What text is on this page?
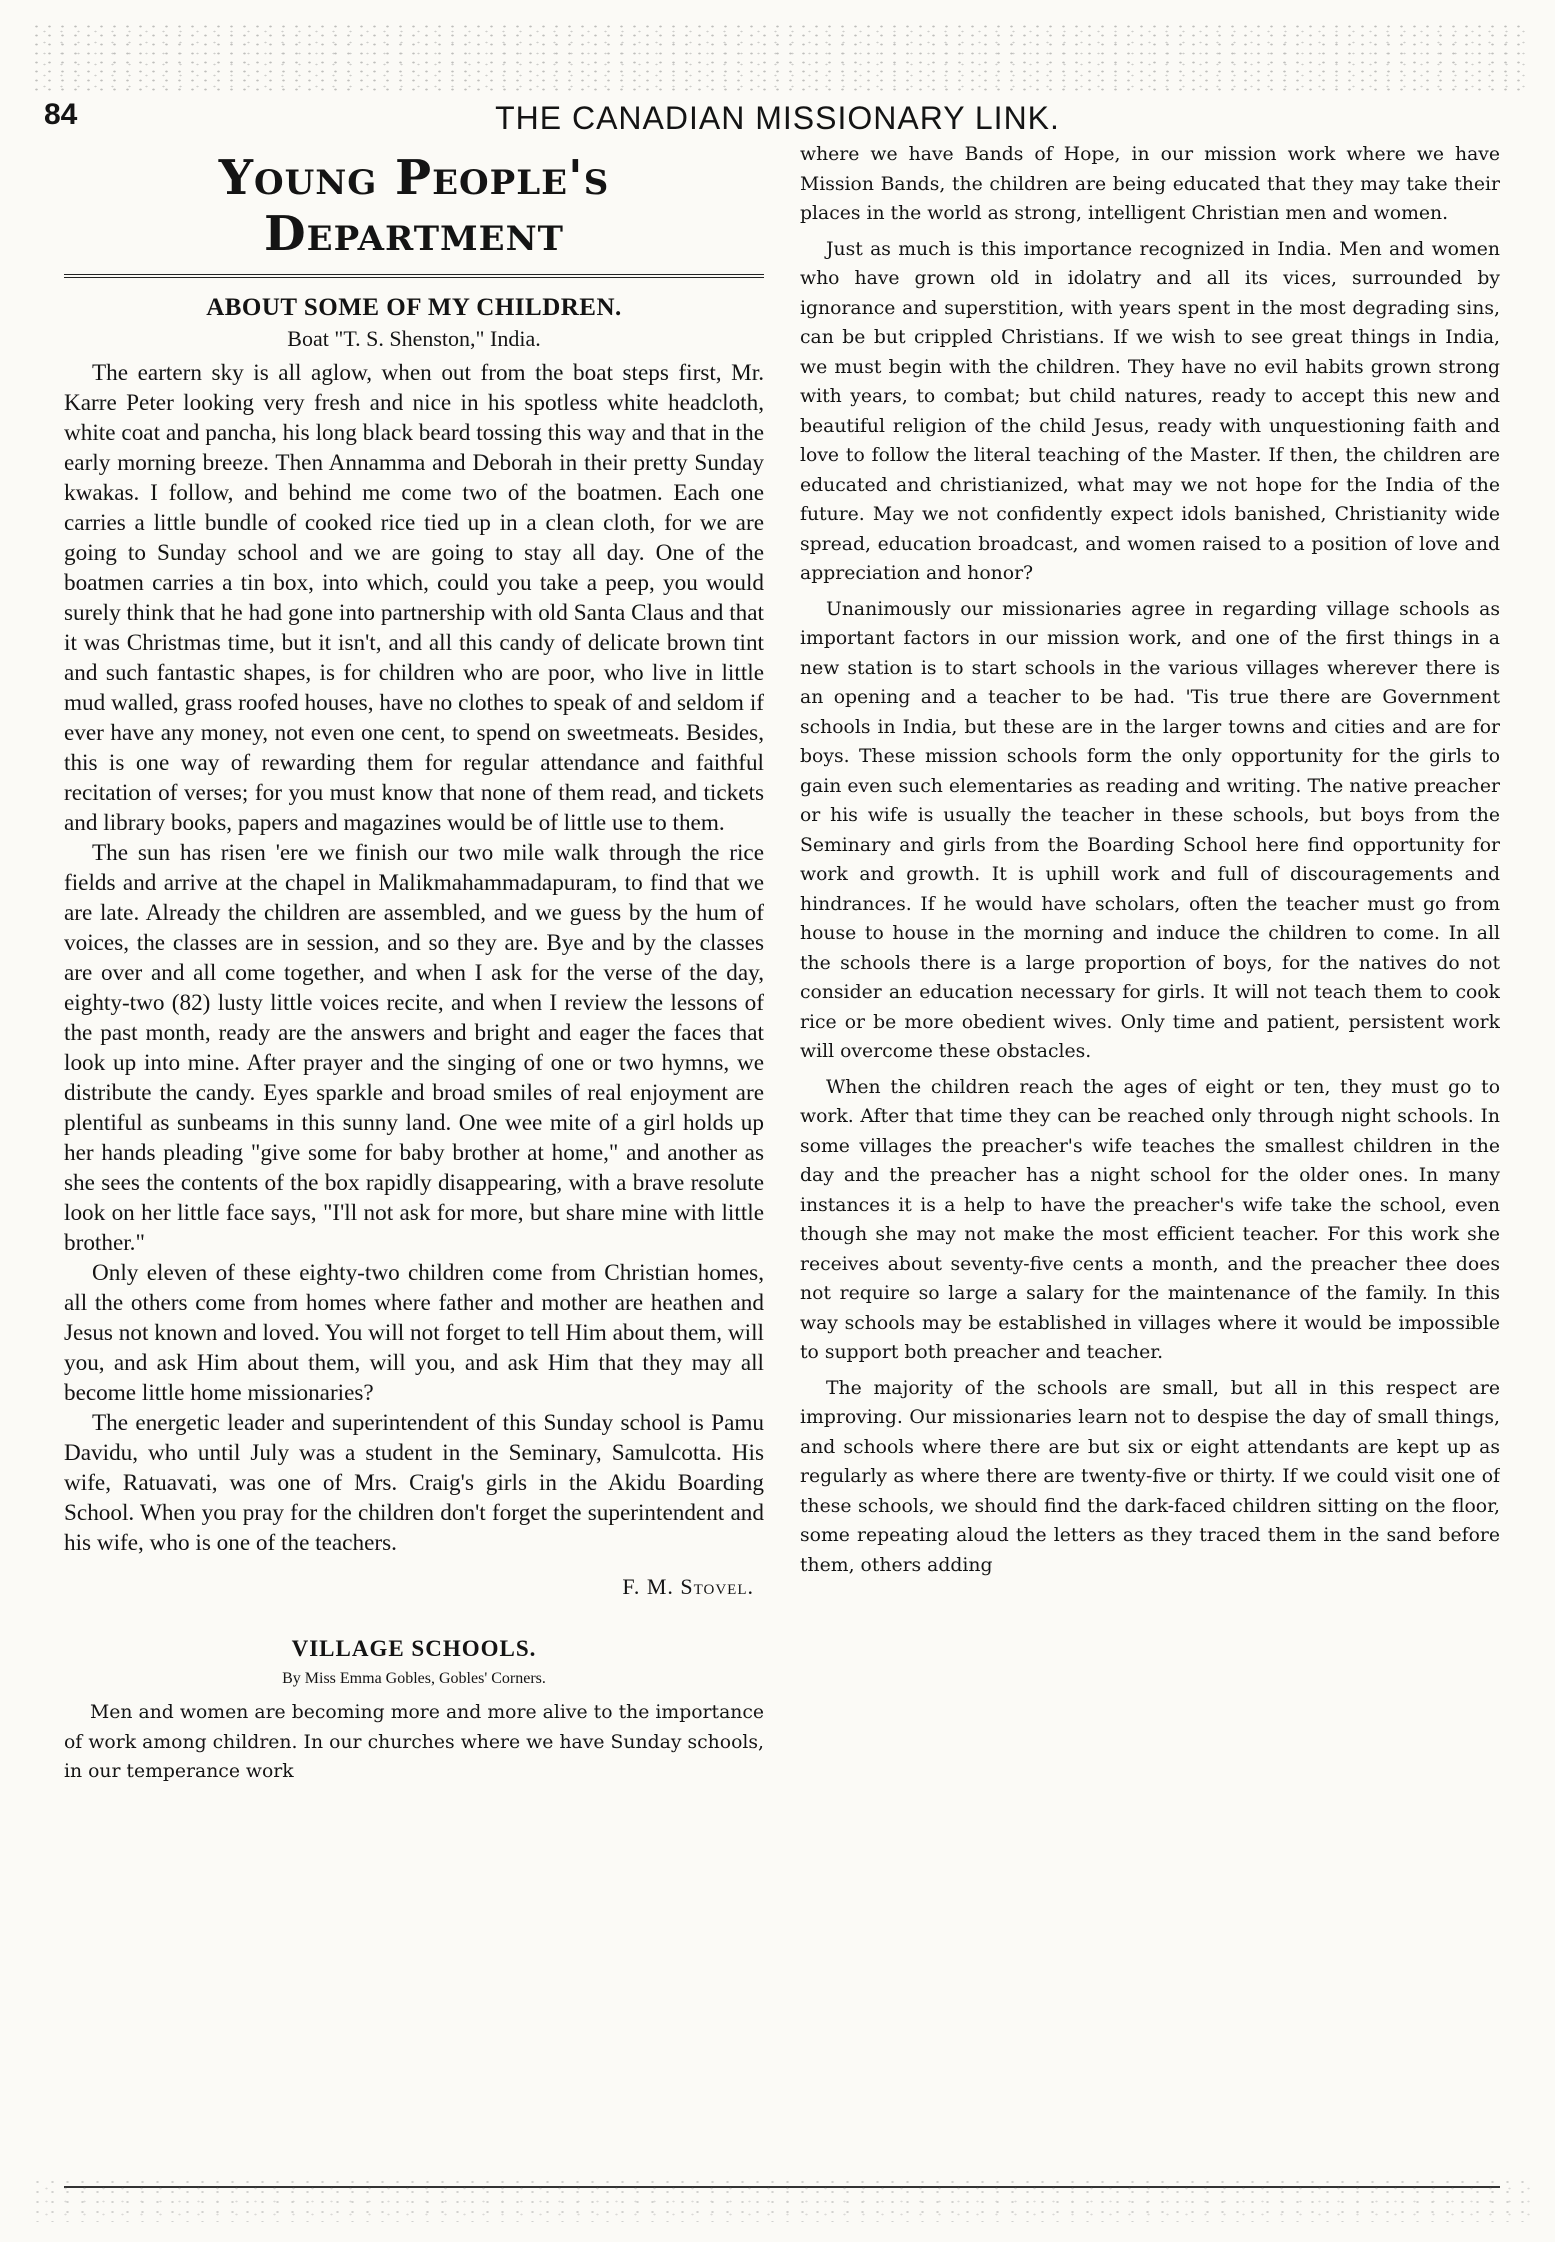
84	THE CANADIAN MISSIONARY LINK.
Young People's Department
ABOUT SOME OF MY CHILDREN.
Boat "T. S. Shenston," India.

The eartern sky is all aglow, when out from the boat steps first, Mr. Karre Peter looking very fresh and nice in his spotless white headcloth, white coat and pancha, his long black beard tossing this way and that in the early morning breeze. Then Annamma and Deborah in their pretty Sunday kwakas. I follow, and behind me come two of the boatmen. Each one carries a little bundle of cooked rice tied up in a clean cloth, for we are going to Sunday school and we are going to stay all day. One of the boatmen carries a tin box, into which, could you take a peep, you would surely think that he had gone into partnership with old Santa Claus and that it was Christmas time, but it isn't, and all this candy of delicate brown tint and such fantastic shapes, is for children who are poor, who live in little mud walled, grass roofed houses, have no clothes to speak of and seldom if ever have any money, not even one cent, to spend on sweetmeats. Besides, this is one way of rewarding them for regular attendance and faithful recitation of verses; for you must know that none of them read, and tickets and library books, papers and magazines would be of little use to them.

The sun has risen 'ere we finish our two mile walk through the rice fields and arrive at the chapel in Malikmahammadapuram, to find that we are late. Already the children are assembled, and we guess by the hum of voices, the classes are in session, and so they are. Bye and by the classes are over and all come together, and when I ask for the verse of the day, eighty-two (82) lusty little voices recite, and when I review the lessons of the past month, ready are the answers and bright and eager the faces that look up into mine. After prayer and the singing of one or two hymns, we distribute the candy. Eyes sparkle and broad smiles of real enjoyment are plentiful as sunbeams in this sunny land. One wee mite of a girl holds up her hands pleading "give some for baby brother at home," and another as she sees the contents of the box rapidly disappearing, with a brave resolute look on her little face says, "I'll not ask for more, but share mine with little brother."

Only eleven of these eighty-two children come from Christian homes, all the others come from homes where father and mother are heathen and Jesus not known and loved. You will not forget to tell Him about them, will you, and ask Him about them, will you, and ask Him that they may all become little home missionaries?

The energetic leader and superintendent of this Sunday school is Pamu Davidu, who until July was a student in the Seminary, Samulcotta. His wife, Ratuavati, was one of Mrs. Craig's girls in the Akidu Boarding School. When you pray for the children don't forget the superintendent and his wife, who is one of the teachers.

F. M. Stovel.
VILLAGE SCHOOLS.
By Miss Emma Gobles, Gobles' Corners.

Men and women are becoming more and more alive to the importance of work among children. In our churches where we have Sunday schools, in our temperance work

where we have Bands of Hope, in our mission work where we have Mission Bands, the children are being educated that they may take their places in the world as strong, intelligent Christian men and women.

Just as much is this importance recognized in India. Men and women who have grown old in idolatry and all its vices, surrounded by ignorance and superstition, with years spent in the most degrading sins, can be but crippled Christians. If we wish to see great things in India, we must begin with the children. They have no evil habits grown strong with years, to combat; but child natures, ready to accept this new and beautiful religion of the child Jesus, ready with unquestioning faith and love to follow the literal teaching of the Master. If then, the children are educated and christianized, what may we not hope for the India of the future. May we not confidently expect idols banished, Christianity wide spread, education broadcast, and women raised to a position of love and appreciation and honor?

Unanimously our missionaries agree in regarding village schools as important factors in our mission work, and one of the first things in a new station is to start schools in the various villages wherever there is an opening and a teacher to be had. 'Tis true there are Government schools in India, but these are in the larger towns and cities and are for boys. These mission schools form the only opportunity for the girls to gain even such elementaries as reading and writing. The native preacher or his wife is usually the teacher in these schools, but boys from the Seminary and girls from the Boarding School here find opportunity for work and growth. It is uphill work and full of discouragements and hindrances. If he would have scholars, often the teacher must go from house to house in the morning and induce the children to come. In all the schools there is a large proportion of boys, for the natives do not consider an education necessary for girls. It will not teach them to cook rice or be more obedient wives. Only time and patient, persistent work will overcome these obstacles.

When the children reach the ages of eight or ten, they must go to work. After that time they can be reached only through night schools. In some villages the preacher's wife teaches the smallest children in the day and the preacher has a night school for the older ones. In many instances it is a help to have the preacher's wife take the school, even though she may not make the most efficient teacher. For this work she receives about seventy-five cents a month, and the preacher thee does not require so large a salary for the maintenance of the family. In this way schools may be established in villages where it would be impossible to support both preacher and teacher.

The majority of the schools are small, but all in this respect are improving. Our missionaries learn not to despise the day of small things, and schools where there are but six or eight attendants are kept up as regularly as where there are twenty-five or thirty. If we could visit one of these schools, we should find the dark-faced children sitting on the floor, some repeating aloud the letters as they traced them in the sand before them, others adding
